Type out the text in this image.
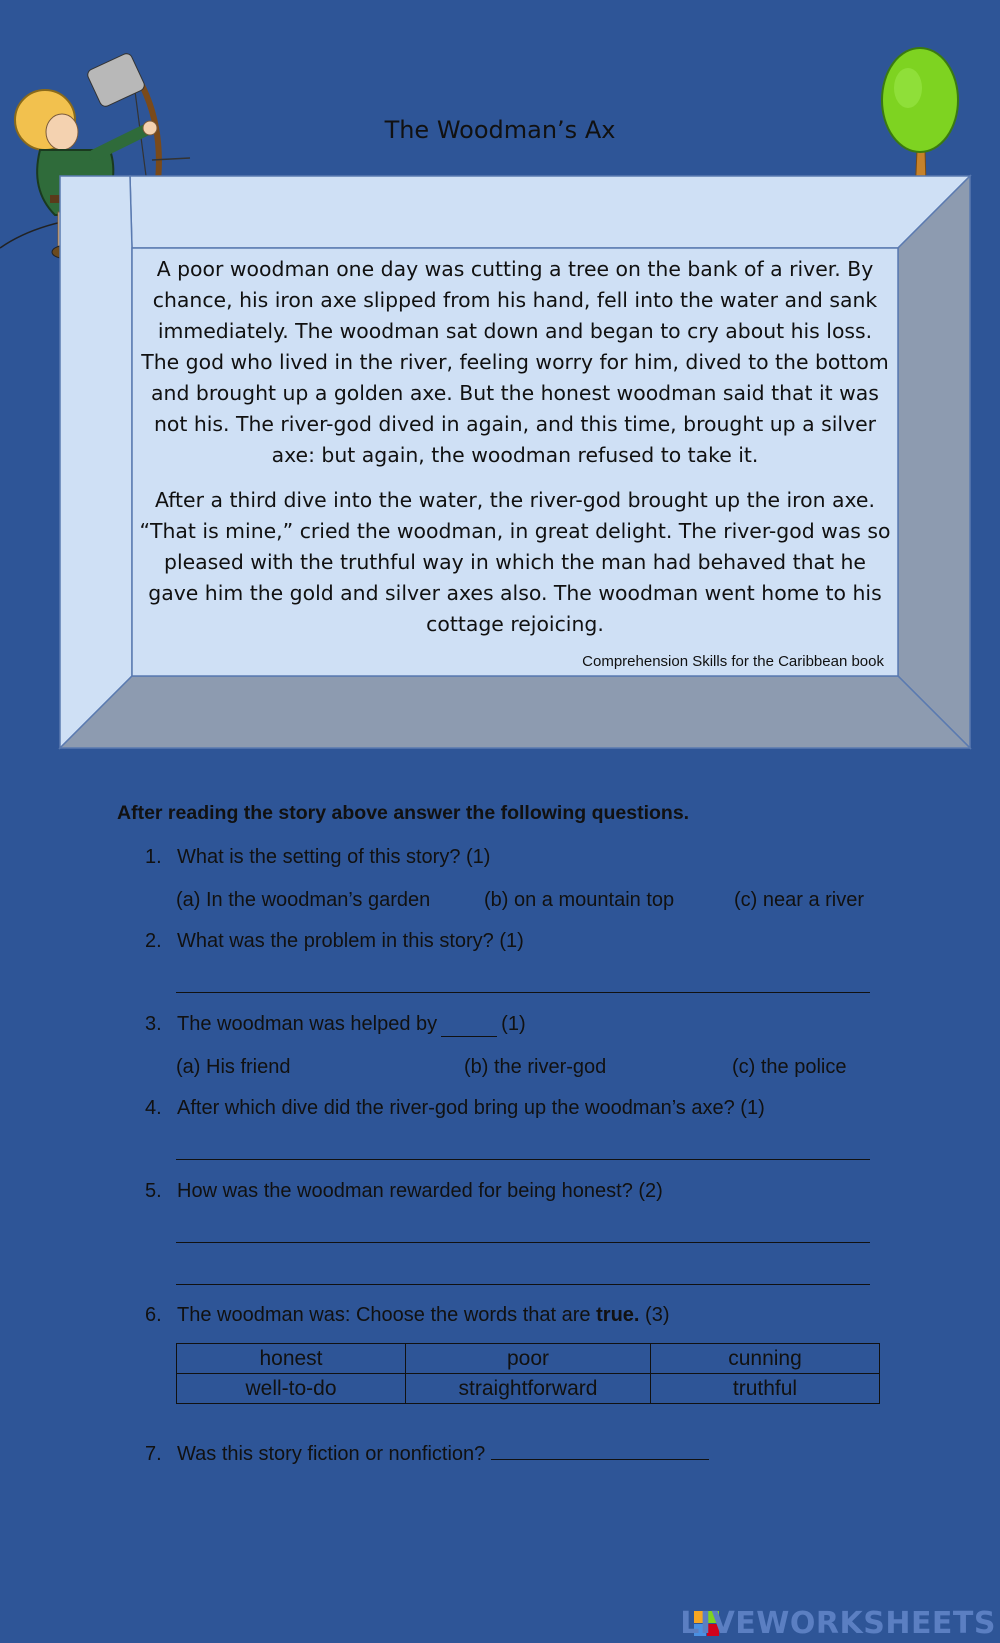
The Woodman’s Ax

A poor woodman one day was cutting a tree on the bank of a river. By chance, his iron axe slipped from his hand, fell into the water and sank immediately. The woodman sat down and began to cry about his loss. The god who lived in the river, feeling worry for him, dived to the bottom and brought up a golden axe. But the honest woodman said that it was not his. The river-god dived in again, and this time, brought up a silver axe: but again, the woodman refused to take it.

After a third dive into the water, the river-god brought up the iron axe. “That is mine,” cried the woodman, in great delight. The river-god was so pleased with the truthful way in which the man had behaved that he gave him the gold and silver axes also. The woodman went home to his cottage rejoicing.

Comprehension Skills for the Caribbean book
After reading the story above answer the following questions.
1. What is the setting of this story? (1)
(a) In the woodman’s garden	(b) on a mountain top	(c) near a river
2. What was the problem in this story? (1)
3. The woodman was helped by	(1)
(a) His friend	(b) the river-god	(c) the police
4. After which dive did the river-god bring up the woodman’s axe? (1)
5. How was the woodman rewarded for being honest? (2)
6. The woodman was: Choose the words that are true. (3)
honest	poor	cunning
well-to-do	straightforward	truthful
7. Was this story fiction or nonfiction?
LIVEWORKSHEETS
